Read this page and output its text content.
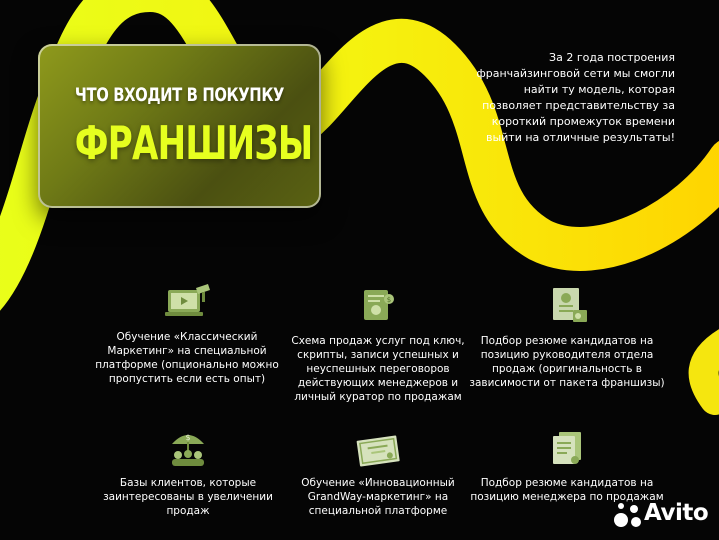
ЧТО ВХОДИТ В ПОКУПКУ
ФРАНШИЗЫ
За 2 года построения франчайзинговой сети мы смогли найти ту модель, которая позволяет представительству за короткий промежуток времени выйти на отличные результаты!
Обучение «Классический Маркетинг» на специальной платформе (опционально можно пропустить если есть опыт)
$
Схема продаж услуг под ключ, скрипты, записи успешных и неуспешных переговоров действующих менеджеров и личный куратор по продажам
Подбор резюме кандидатов на позицию руководителя отдела продаж (оригинальность в зависимости от пакета франшизы)
$
Базы клиентов, которые заинтересованы в увеличении продаж
Обучение «Инновационный GrandWay-маркетинг» на специальной платформе
Подбор резюме кандидатов на позицию менеджера по продажам
Avito
